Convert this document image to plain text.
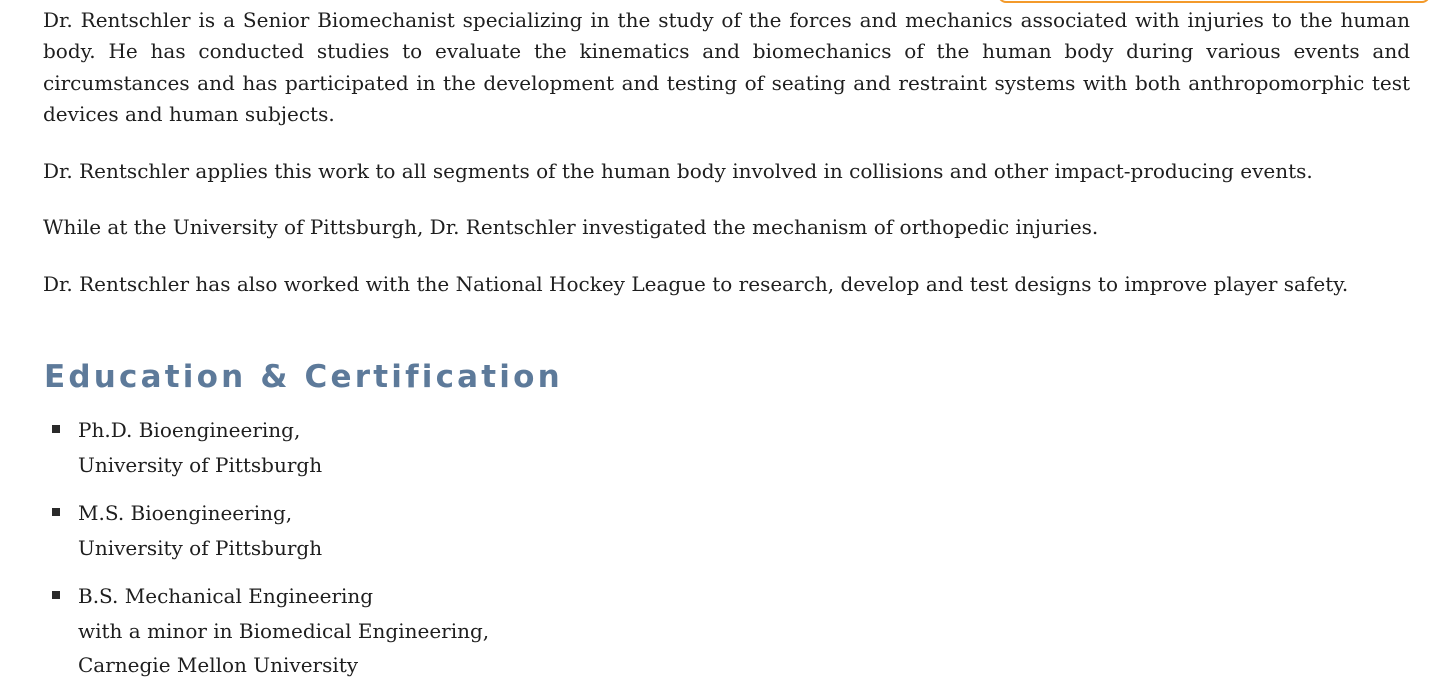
Dr. Rentschler is a Senior Biomechanist specializing in the study of the forces and mechanics associated with injuries to the human body. He has conducted studies to evaluate the kinematics and biomechanics of the human body during various events and circumstances and has participated in the development and testing of seating and restraint systems with both anthropomorphic test devices and human subjects.

Dr. Rentschler applies this work to all segments of the human body involved in collisions and other impact-producing events.

While at the University of Pittsburgh, Dr. Rentschler investigated the mechanism of orthopedic injuries.

Dr. Rentschler has also worked with the National Hockey League to research, develop and test designs to improve player safety.

Education & Certification
Ph.D. Bioengineering,
University of Pittsburgh
M.S. Bioengineering,
University of Pittsburgh
B.S. Mechanical Engineering
with a minor in Biomedical Engineering,
Carnegie Mellon University
